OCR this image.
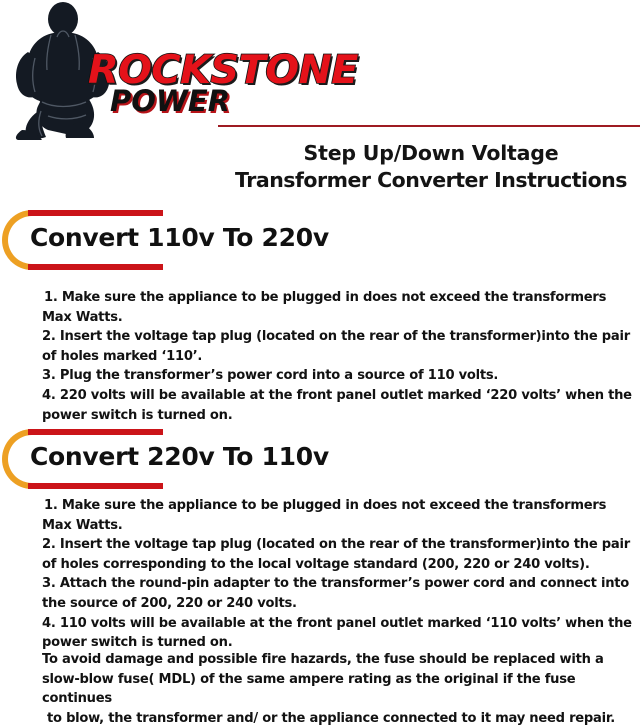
ROCKSTONE
POWER
Step Up/Down Voltage
Transformer Converter Instructions
Convert 110v To 220v

1. Make sure the appliance to be plugged in does not exceed the transformers Max Watts.

2. Insert the voltage tap plug (located on the rear of the transformer)into the pair of holes marked ‘110’.

3. Plug the transformer’s power cord into a source of 110 volts.

4. 220 volts will be available at the front panel outlet marked ‘220 volts’ when the power switch is turned on.

Convert 220v To 110v

1. Make sure the appliance to be plugged in does not exceed the transformers Max Watts.

2. Insert the voltage tap plug (located on the rear of the transformer)into the pair of holes corresponding to the local voltage standard (200, 220 or 240 volts).

3. Attach the round-pin adapter to the transformer’s power cord and connect into the source of 200, 220 or 240 volts.

4. 110 volts will be available at the front panel outlet marked ‘110 volts’ when the power switch is turned on.

To avoid damage and possible fire hazards, the fuse should be replaced with a
slow-blow fuse( MDL) of the same ampere rating as the original if the fuse continues
to blow, the transformer and/ or the appliance connected to it may need repair.
